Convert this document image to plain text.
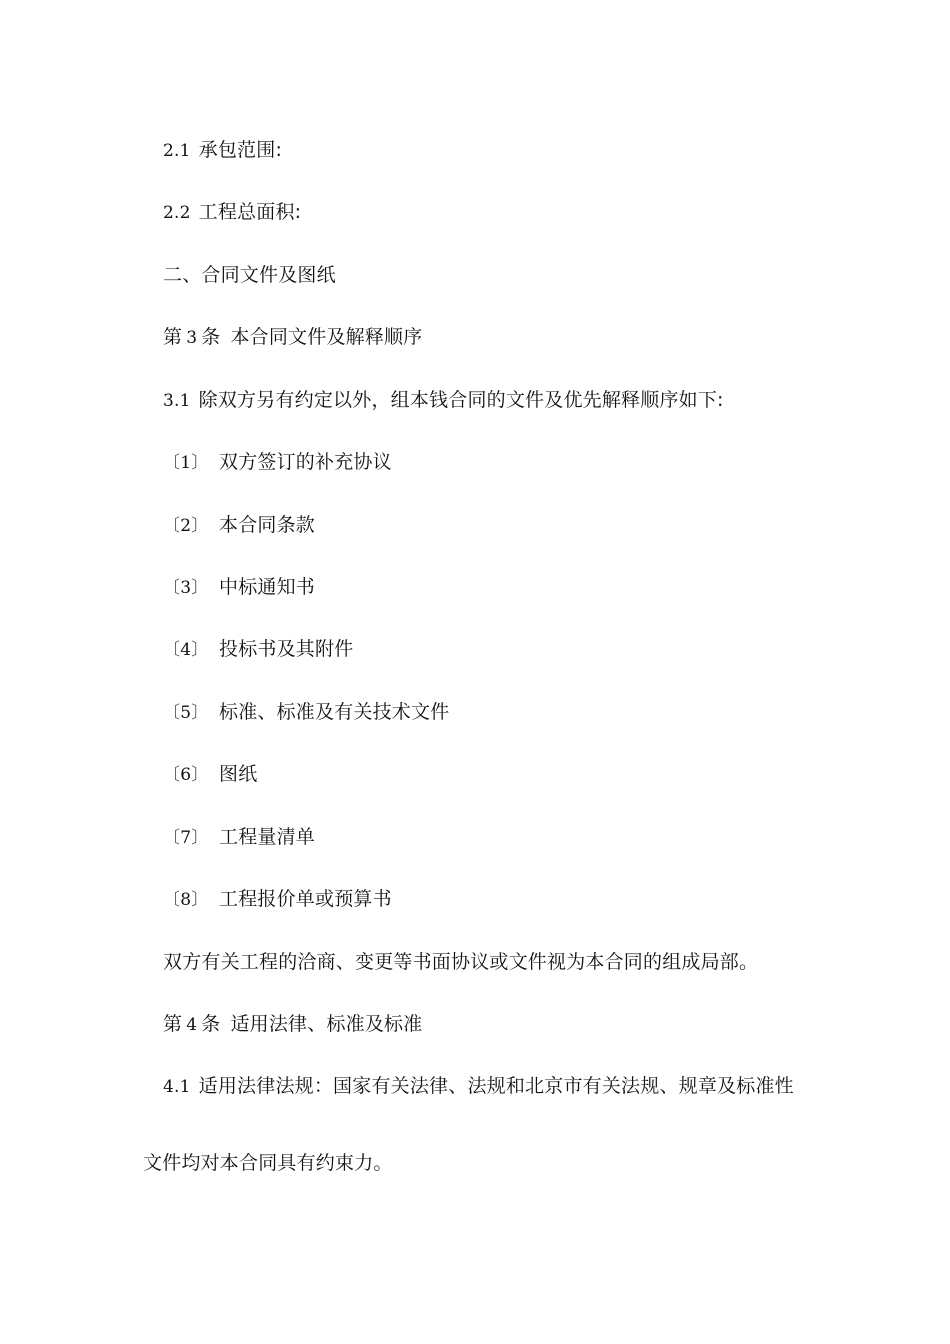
2.1 承包范围:
2.2 工程总面积:
二、合同文件及图纸
第 3 条 本合同文件及解释顺序
3.1 除双方另有约定以外，组本钱合同的文件及优先解释顺序如下:
〔1〕 双方签订的补充协议
〔2〕 本合同条款
〔3〕 中标通知书
〔4〕 投标书及其附件
〔5〕 标准、标准及有关技术文件
〔6〕 图纸
〔7〕 工程量清单
〔8〕 工程报价单或预算书
双方有关工程的洽商、变更等书面协议或文件视为本合同的组成局部。
第 4 条 适用法律、标准及标准
4.1 适用法律法规：国家有关法律、法规和北京市有关法规、规章及标准性
文件均对本合同具有约束力。
